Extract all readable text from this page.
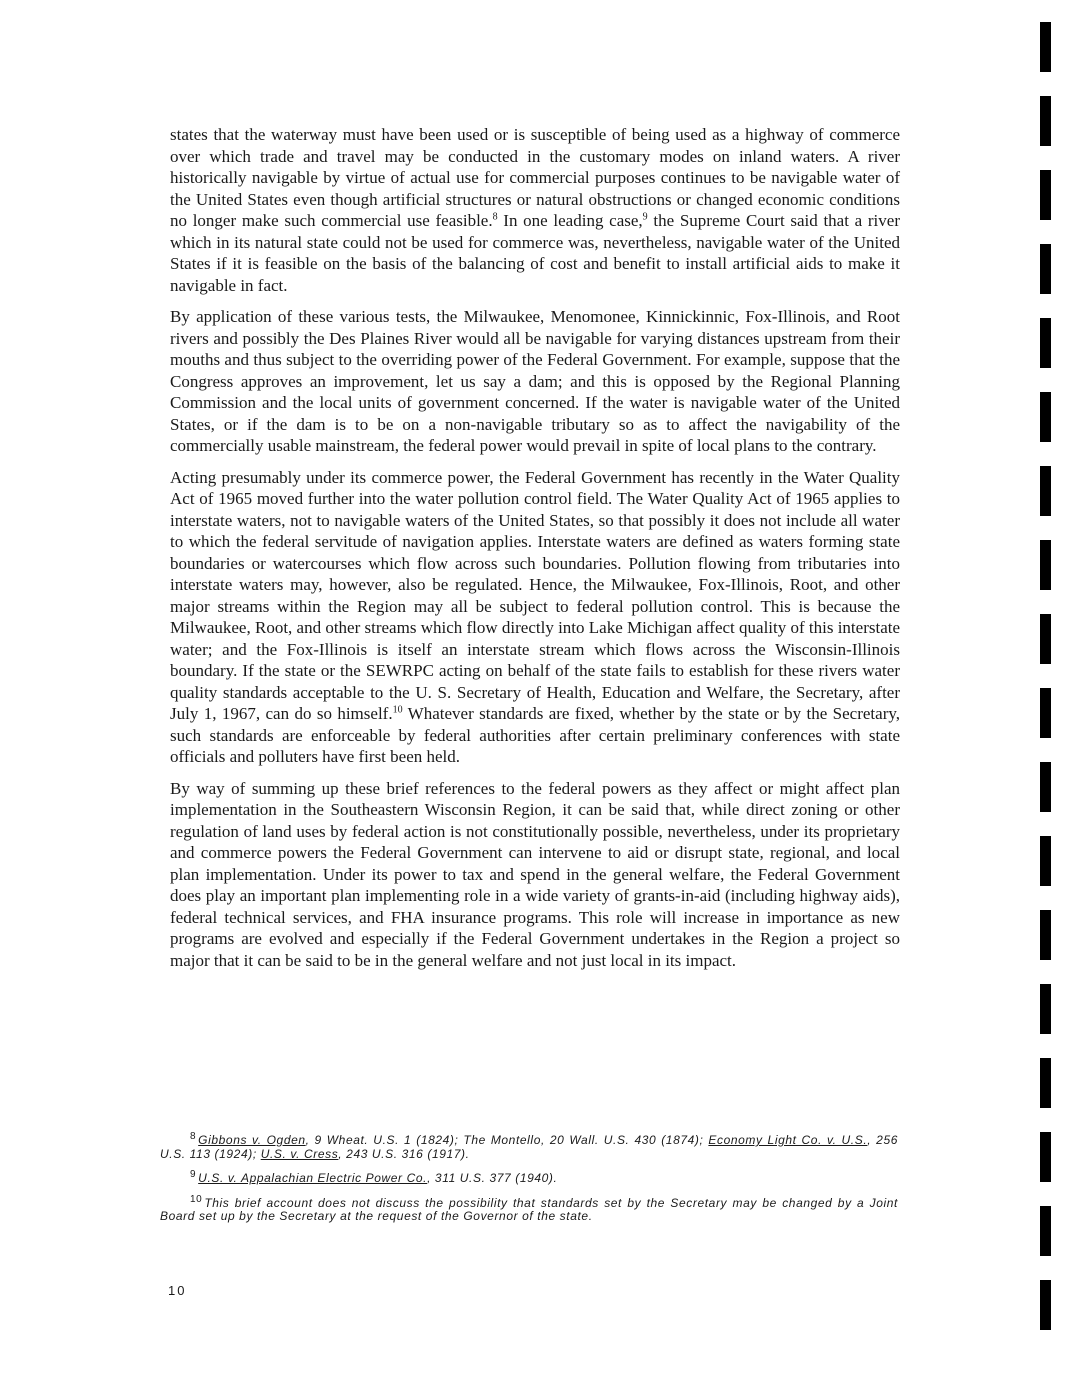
states that the waterway must have been used or is susceptible of being used as a highway of commerce over which trade and travel may be conducted in the customary modes on inland waters. A river historically navigable by virtue of actual use for commercial purposes continues to be navigable water of the United States even though artificial structures or natural obstructions or changed economic conditions no longer make such commercial use feasible.$^8$ In one leading case,$^9$ the Supreme Court said that a river which in its natural state could not be used for commerce was, nevertheless, navigable water of the United States if it is feasible on the basis of the balancing of cost and benefit to install artificial aids to make it navigable in fact.

By application of these various tests, the Milwaukee, Menomonee, Kinnickinnic, Fox-Illinois, and Root rivers and possibly the Des Plaines River would all be navigable for varying distances upstream from their mouths and thus subject to the overriding power of the Federal Government. For example, suppose that the Congress approves an improvement, let us say a dam; and this is opposed by the Regional Planning Commission and the local units of government concerned. If the water is navigable water of the United States, or if the dam is to be on a non-navigable tributary so as to affect the navigability of the commercially usable mainstream, the federal power would prevail in spite of local plans to the contrary.

Acting presumably under its commerce power, the Federal Government has recently in the Water Quality Act of 1965 moved further into the water pollution control field. The Water Quality Act of 1965 applies to interstate waters, not to navigable waters of the United States, so that possibly it does not include all water to which the federal servitude of navigation applies. Interstate waters are defined as waters forming state boundaries or watercourses which flow across such boundaries. Pollution flowing from tributaries into interstate waters may, however, also be regulated. Hence, the Milwaukee, Fox-Illinois, Root, and other major streams within the Region may all be subject to federal pollution control. This is because the Milwaukee, Root, and other streams which flow directly into Lake Michigan affect quality of this interstate water; and the Fox-Illinois is itself an interstate stream which flows across the Wisconsin-Illinois boundary. If the state or the SEWRPC acting on behalf of the state fails to establish for these rivers water quality standards acceptable to the U. S. Secretary of Health, Education and Welfare, the Secretary, after July 1, 1967, can do so himself.$^{10}$ Whatever standards are fixed, whether by the state or by the Secretary, such standards are enforceable by federal authorities after certain preliminary conferences with state officials and polluters have first been held.

By way of summing up these brief references to the federal powers as they affect or might affect plan implementation in the Southeastern Wisconsin Region, it can be said that, while direct zoning or other regulation of land uses by federal action is not constitutionally possible, nevertheless, under its proprietary and commerce powers the Federal Government can intervene to aid or disrupt state, regional, and local plan implementation. Under its power to tax and spend in the general welfare, the Federal Government does play an important plan implementing role in a wide variety of grants-in-aid (including highway aids), federal technical services, and FHA insurance programs. This role will increase in importance as new programs are evolved and especially if the Federal Government undertakes in the Region a project so major that it can be said to be in the general welfare and not just local in its impact.

$^8$ Gibbons v. Ogden, 9 Wheat. U.S. 1 (1824); The Montello, 20 Wall. U.S. 430 (1874); Economy Light Co. v. U.S., 256 U.S. 113 (1924); U.S. v. Cress, 243 U.S. 316 (1917).

$^9$ U.S. v. Appalachian Electric Power Co., 311 U.S. 377 (1940).

$^{10}$ This brief account does not discuss the possibility that standards set by the Secretary may be changed by a Joint Board set up by the Secretary at the request of the Governor of the state.

10
